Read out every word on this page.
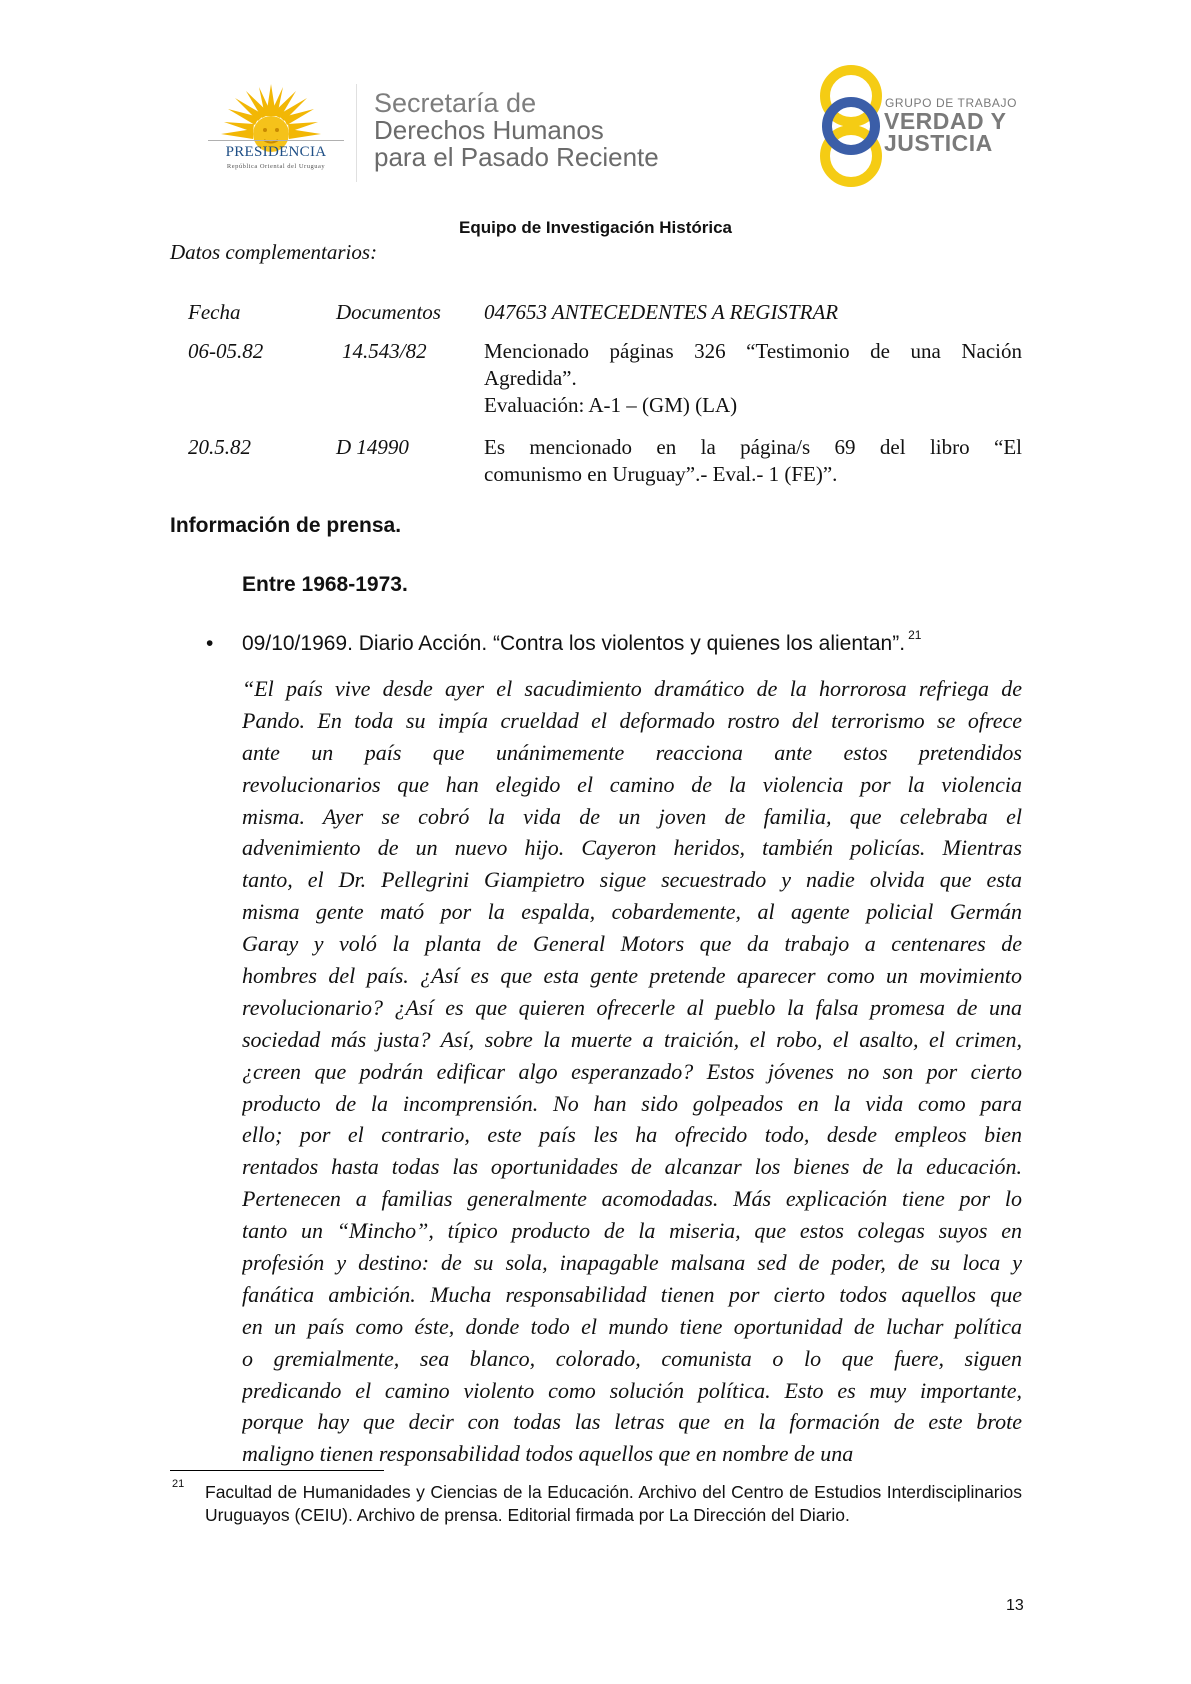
PRESIDENCIA
República Oriental del Uruguay
Secretaría de
Derechos Humanos
para el Pasado Reciente
GRUPO DE TRABAJO
VERDAD Y
JUSTICIA
Equipo de Investigación Histórica
Datos complementarios:
Fecha	Documentos	047653 ANTECEDENTES A REGISTRAR
06-05.82	14.543/82	Mencionado páginas 326 “Testimonio de una Nación
Agredida”.
Evaluación: A-1 – (GM) (LA)
20.5.82	D 14990	Es mencionado en la página/s 69 del libro “El
comunismo en Uruguay”.- Eval.- 1 (FE)”.
Información de prensa.
Entre 1968-1973.
• 09/10/1969. Diario Acción. “Contra los violentos y quienes los alientan”. $^{21}$
“El país vive desde ayer el sacudimiento dramático de la horrorosa refriega de
Pando. En toda su impía crueldad el deformado rostro del terrorismo se ofrece
ante un país que unánimemente reacciona ante estos pretendidos
revolucionarios que han elegido el camino de la violencia por la violencia
misma. Ayer se cobró la vida de un joven de familia, que celebraba el
advenimiento de un nuevo hijo. Cayeron heridos, también policías. Mientras
tanto, el Dr. Pellegrini Giampietro sigue secuestrado y nadie olvida que esta
misma gente mató por la espalda, cobardemente, al agente policial Germán
Garay y voló la planta de General Motors que da trabajo a centenares de
hombres del país. ¿Así es que esta gente pretende aparecer como un movimiento
revolucionario? ¿Así es que quieren ofrecerle al pueblo la falsa promesa de una
sociedad más justa? Así, sobre la muerte a traición, el robo, el asalto, el crimen,
¿creen que podrán edificar algo esperanzado? Estos jóvenes no son por cierto
producto de la incomprensión. No han sido golpeados en la vida como para
ello; por el contrario, este país les ha ofrecido todo, desde empleos bien
rentados hasta todas las oportunidades de alcanzar los bienes de la educación.
Pertenecen a familias generalmente acomodadas. Más explicación tiene por lo
tanto un “Mincho”, típico producto de la miseria, que estos colegas suyos en
profesión y destino: de su sola, inapagable malsana sed de poder, de su loca y
fanática ambición. Mucha responsabilidad tienen por cierto todos aquellos que
en un país como éste, donde todo el mundo tiene oportunidad de luchar política
o gremialmente, sea blanco, colorado, comunista o lo que fuere, siguen
predicando el camino violento como solución política. Esto es muy importante,
porque hay que decir con todas las letras que en la formación de este brote
maligno tienen responsabilidad todos aquellos que en nombre de una
21 Facultad de Humanidades y Ciencias de la Educación. Archivo del Centro de Estudios Interdisciplinarios Uruguayos (CEIU). Archivo de prensa. Editorial firmada por La Dirección del Diario.
13
